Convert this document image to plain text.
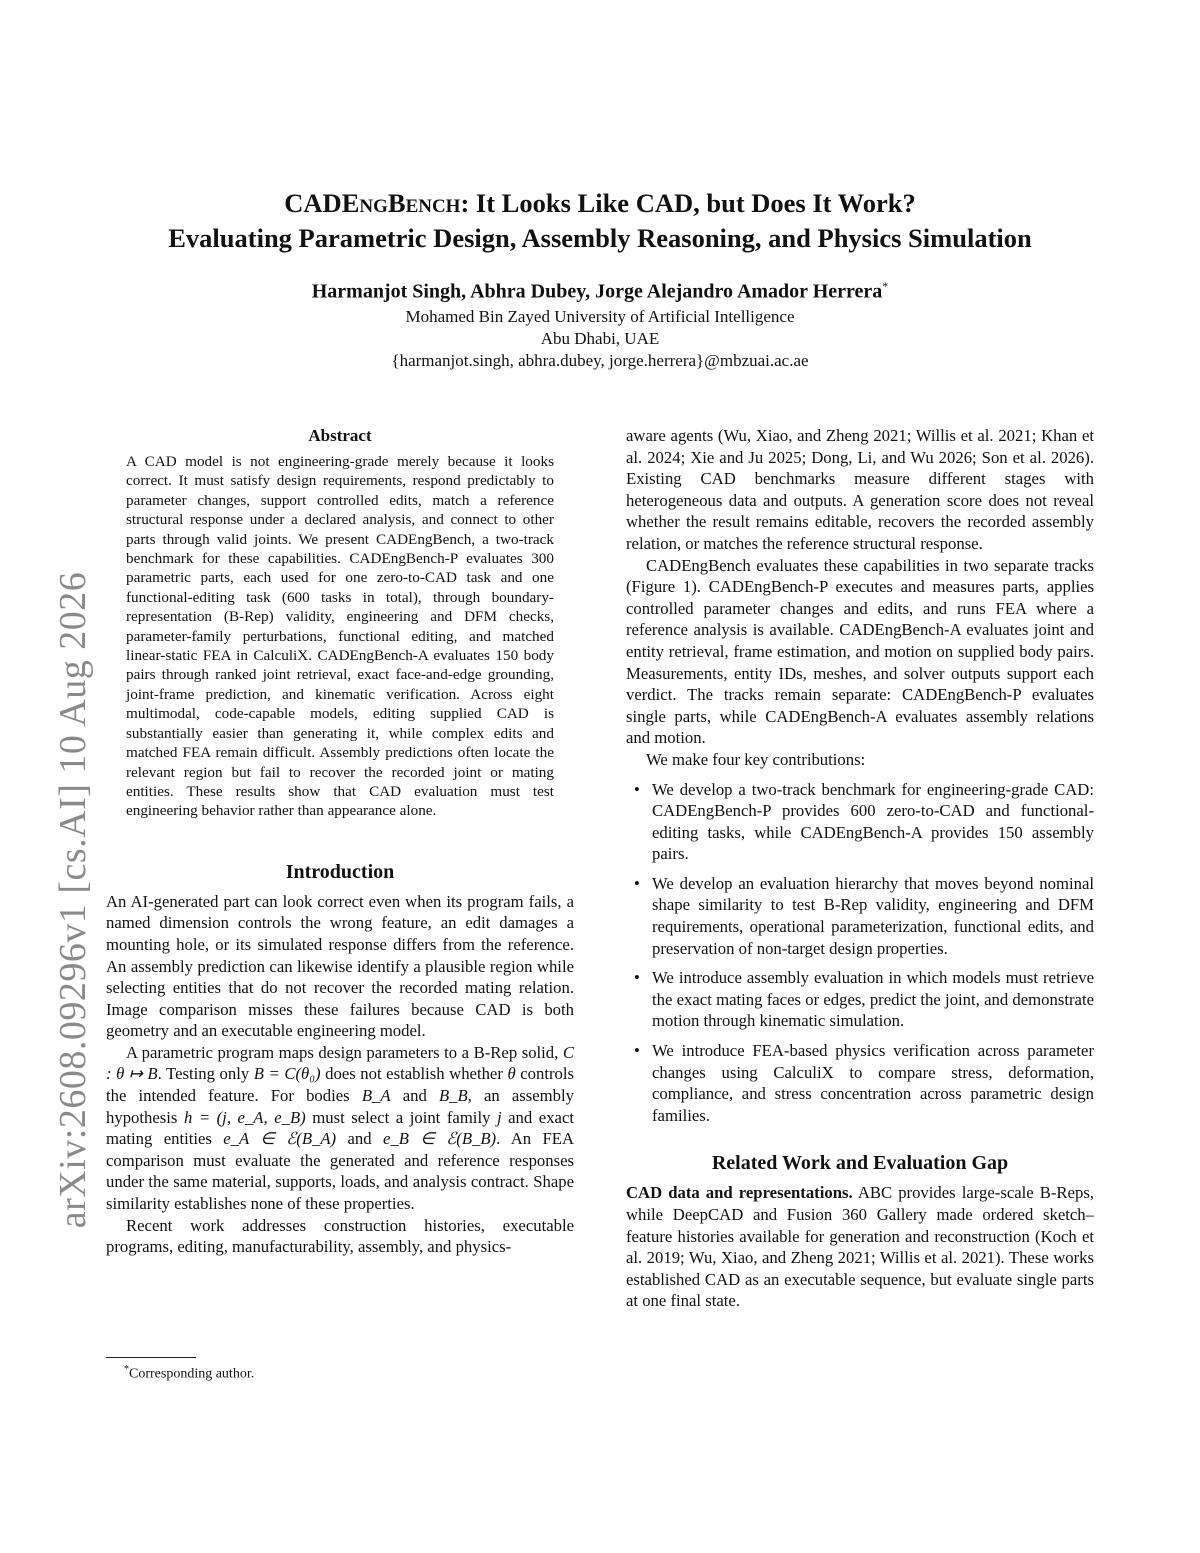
arXiv:2608.09296v1 [cs.AI] 10 Aug 2026
CADEngBench: It Looks Like CAD, but Does It Work?
Evaluating Parametric Design, Assembly Reasoning, and Physics Simulation
Harmanjot Singh, Abhra Dubey, Jorge Alejandro Amador Herrera*
Mohamed Bin Zayed University of Artificial Intelligence
Abu Dhabi, UAE
{harmanjot.singh, abhra.dubey, jorge.herrera}@mbzuai.ac.ae
Abstract
A CAD model is not engineering-grade merely because it looks correct. It must satisfy design requirements, respond predictably to parameter changes, support controlled edits, match a reference structural response under a declared analysis, and connect to other parts through valid joints. We present CADEngBench, a two-track benchmark for these capabilities. CADEngBench-P evaluates 300 parametric parts, each used for one zero-to-CAD task and one functional-editing task (600 tasks in total), through boundary-representation (B-Rep) validity, engineering and DFM checks, parameter-family perturbations, functional editing, and matched linear-static FEA in CalculiX. CADEngBench-A evaluates 150 body pairs through ranked joint retrieval, exact face-and-edge grounding, joint-frame prediction, and kinematic verification. Across eight multimodal, code-capable models, editing supplied CAD is substantially easier than generating it, while complex edits and matched FEA remain difficult. Assembly predictions often locate the relevant region but fail to recover the recorded joint or mating entities. These results show that CAD evaluation must test engineering behavior rather than appearance alone.
Introduction

An AI-generated part can look correct even when its program fails, a named dimension controls the wrong feature, an edit damages a mounting hole, or its simulated response differs from the reference. An assembly prediction can likewise identify a plausible region while selecting entities that do not recover the recorded mating relation. Image comparison misses these failures because CAD is both geometry and an executable engineering model.

A parametric program maps design parameters to a B-Rep solid, C : θ ↦ B. Testing only B = C(θ₀) does not establish whether θ controls the intended feature. For bodies B_A and B_B, an assembly hypothesis h = (j, e_A, e_B) must select a joint family j and exact mating entities e_A ∈ ℰ(B_A) and e_B ∈ ℰ(B_B). An FEA comparison must evaluate the generated and reference responses under the same material, supports, loads, and analysis contract. Shape similarity establishes none of these properties.

Recent work addresses construction histories, executable programs, editing, manufacturability, assembly, and physics-

aware agents (Wu, Xiao, and Zheng 2021; Willis et al. 2021; Khan et al. 2024; Xie and Ju 2025; Dong, Li, and Wu 2026; Son et al. 2026). Existing CAD benchmarks measure different stages with heterogeneous data and outputs. A generation score does not reveal whether the result remains editable, recovers the recorded assembly relation, or matches the reference structural response.

CADEngBench evaluates these capabilities in two separate tracks (Figure 1). CADEngBench-P executes and measures parts, applies controlled parameter changes and edits, and runs FEA where a reference analysis is available. CADEngBench-A evaluates joint and entity retrieval, frame estimation, and motion on supplied body pairs. Measurements, entity IDs, meshes, and solver outputs support each verdict. The tracks remain separate: CADEngBench-P evaluates single parts, while CADEngBench-A evaluates assembly relations and motion.

We make four key contributions:

• We develop a two-track benchmark for engineering-grade CAD: CADEngBench-P provides 600 zero-to-CAD and functional-editing tasks, while CADEngBench-A provides 150 assembly pairs.
• We develop an evaluation hierarchy that moves beyond nominal shape similarity to test B-Rep validity, engineering and DFM requirements, operational parameterization, functional edits, and preservation of non-target design properties.
• We introduce assembly evaluation in which models must retrieve the exact mating faces or edges, predict the joint, and demonstrate motion through kinematic simulation.
• We introduce FEA-based physics verification across parameter changes using CalculiX to compare stress, deformation, compliance, and stress concentration across parametric design families.
Related Work and Evaluation Gap

CAD data and representations. ABC provides large-scale B-Reps, while DeepCAD and Fusion 360 Gallery made ordered sketch–feature histories available for generation and reconstruction (Koch et al. 2019; Wu, Xiao, and Zheng 2021; Willis et al. 2021). These works established CAD as an executable sequence, but evaluate single parts at one final state.

*Corresponding author.
